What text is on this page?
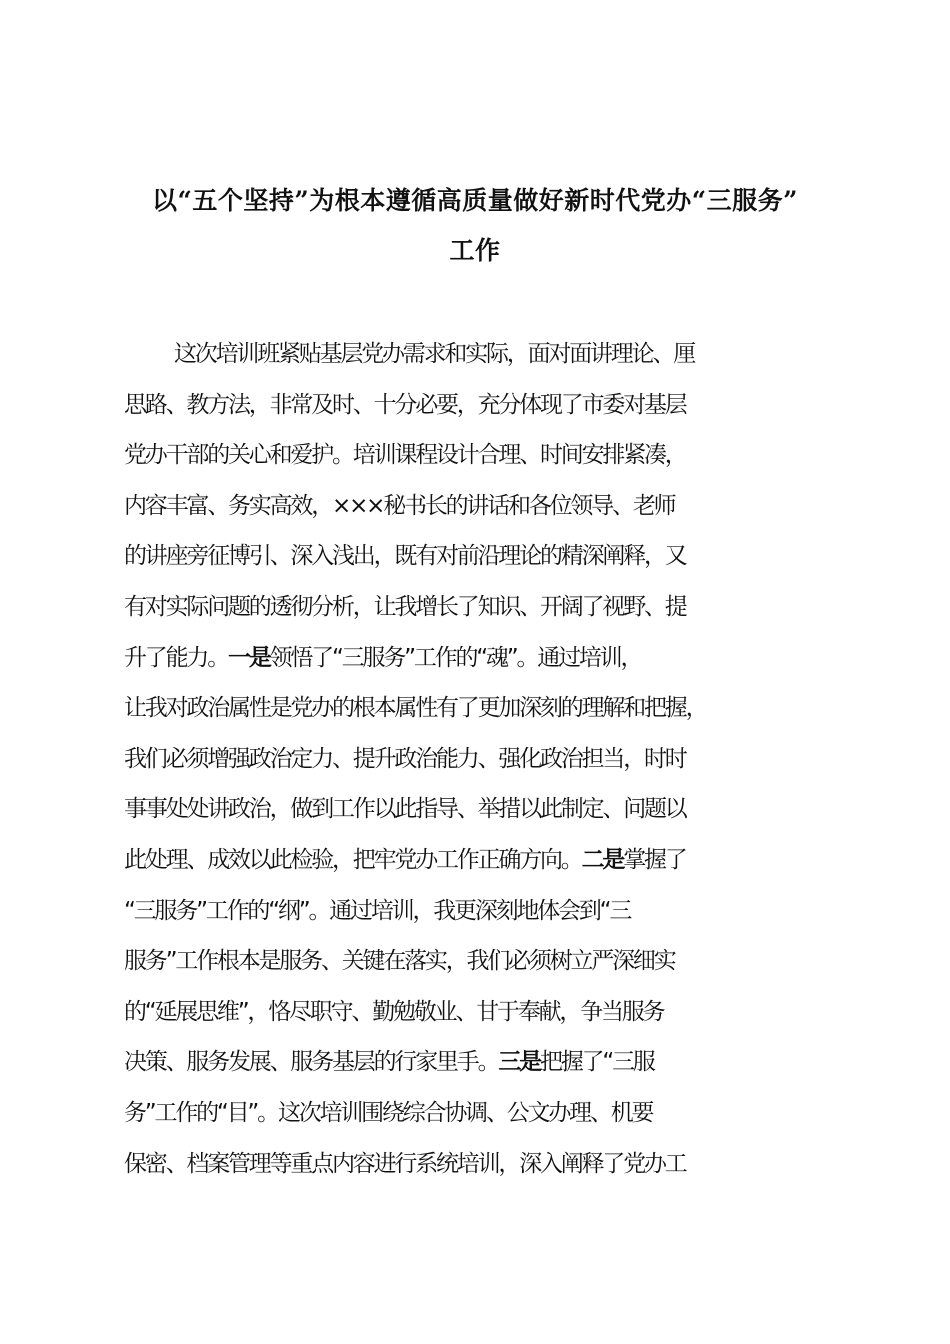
以“五个坚持”为根本遵循高质量做好新时代党办“三服务”
工作
这次培训班紧贴基层党办需求和实际，面对面讲理论、厘
思路、教方法，非常及时、十分必要，充分体现了市委对基层
党办干部的关心和爱护。培训课程设计合理、时间安排紧凑，
内容丰富、务实高效，×××秘书长的讲话和各位领导、老师
的讲座旁征博引、深入浅出，既有对前沿理论的精深阐释，又
有对实际问题的透彻分析，让我增长了知识、开阔了视野、提
升了能力。一是领悟了“三服务”工作的“魂”。通过培训，
让我对政治属性是党办的根本属性有了更加深刻的理解和把握，
我们必须增强政治定力、提升政治能力、强化政治担当，时时
事事处处讲政治，做到工作以此指导、举措以此制定、问题以
此处理、成效以此检验，把牢党办工作正确方向。二是掌握了
“三服务”工作的“纲”。通过培训，我更深刻地体会到“三
服务”工作根本是服务、关键在落实，我们必须树立严深细实
的“延展思维”，恪尽职守、勤勉敬业、甘于奉献，争当服务
决策、服务发展、服务基层的行家里手。三是把握了“三服
务”工作的“目”。这次培训围绕综合协调、公文办理、机要
保密、档案管理等重点内容进行系统培训，深入阐释了党办工
